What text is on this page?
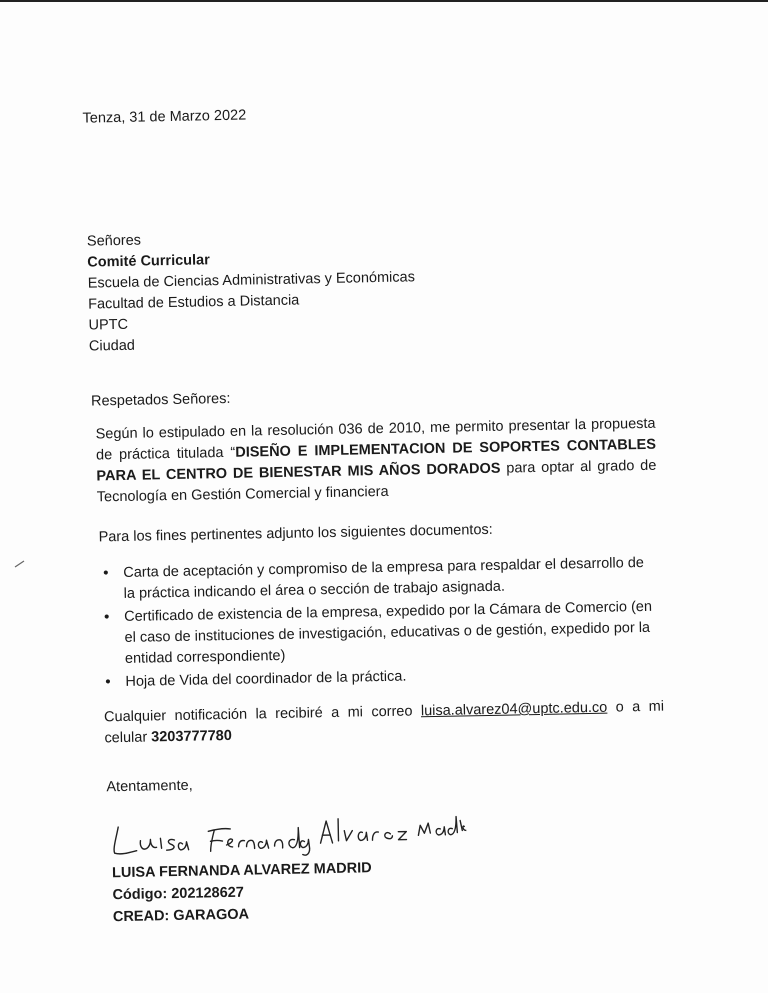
Tenza, 31 de Marzo 2022
Señores
Comité Curricular
Escuela de Ciencias Administrativas y Económicas
Facultad de Estudios a Distancia
UPTC
Ciudad
Respetados Señores:
Según lo estipulado en la resolución 036 de 2010, me permito presentar la propuesta de práctica titulada “DISEÑO E IMPLEMENTACION DE SOPORTES CONTABLES PARA EL CENTRO DE BIENESTAR MIS AÑOS DORADOS para optar al grado de Tecnología en Gestión Comercial y financiera
Para los fines pertinentes adjunto los siguientes documentos:
• Carta de aceptación y compromiso de la empresa para respaldar el desarrollo de la práctica indicando el área o sección de trabajo asignada.
• Certificado de existencia de la empresa, expedido por la Cámara de Comercio (en el caso de instituciones de investigación, educativas o de gestión, expedido por la entidad correspondiente)
• Hoja de Vida del coordinador de la práctica.
Cualquier notificación la recibiré a mi correo luisa.alvarez04@uptc.edu.co o a mi celular 3203777780
Atentamente,
LUISA FERNANDA ALVAREZ MADRID
Código: 202128627
CREAD: GARAGOA
